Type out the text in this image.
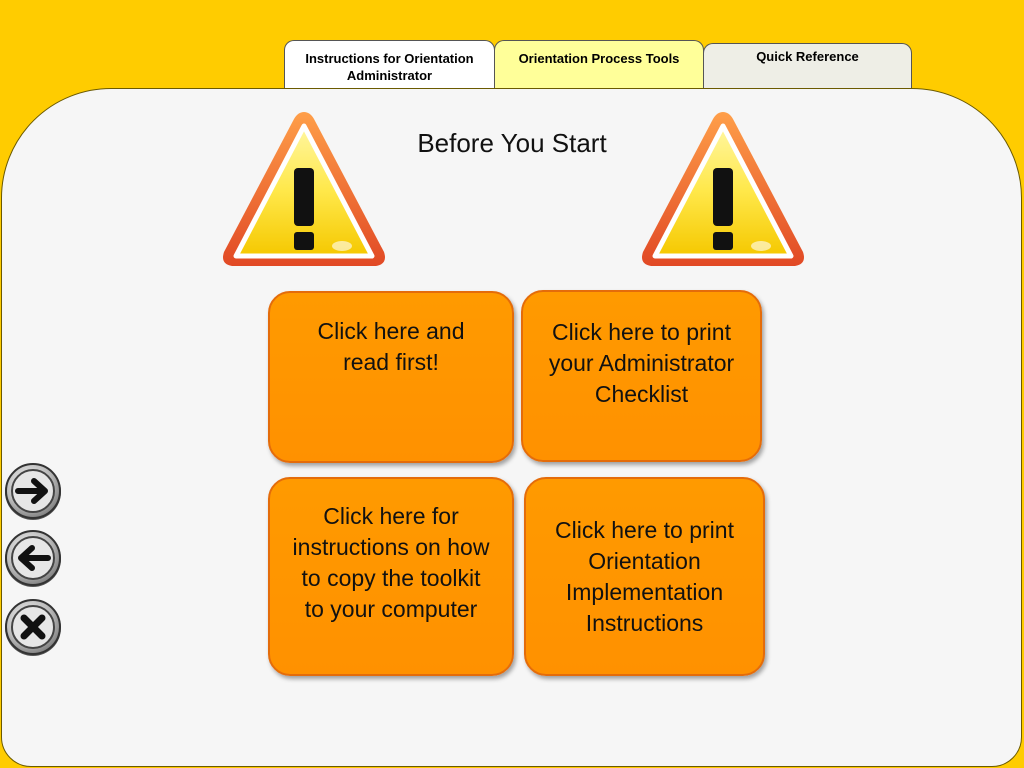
Instructions for Orientation
Administrator
Orientation Process Tools	Quick Reference
Before You Start
Click here and read first!
Click here to print your Administrator Checklist
Click here for instructions on how to copy the toolkit to your computer
Click here to print Orientation Implementation Instructions
